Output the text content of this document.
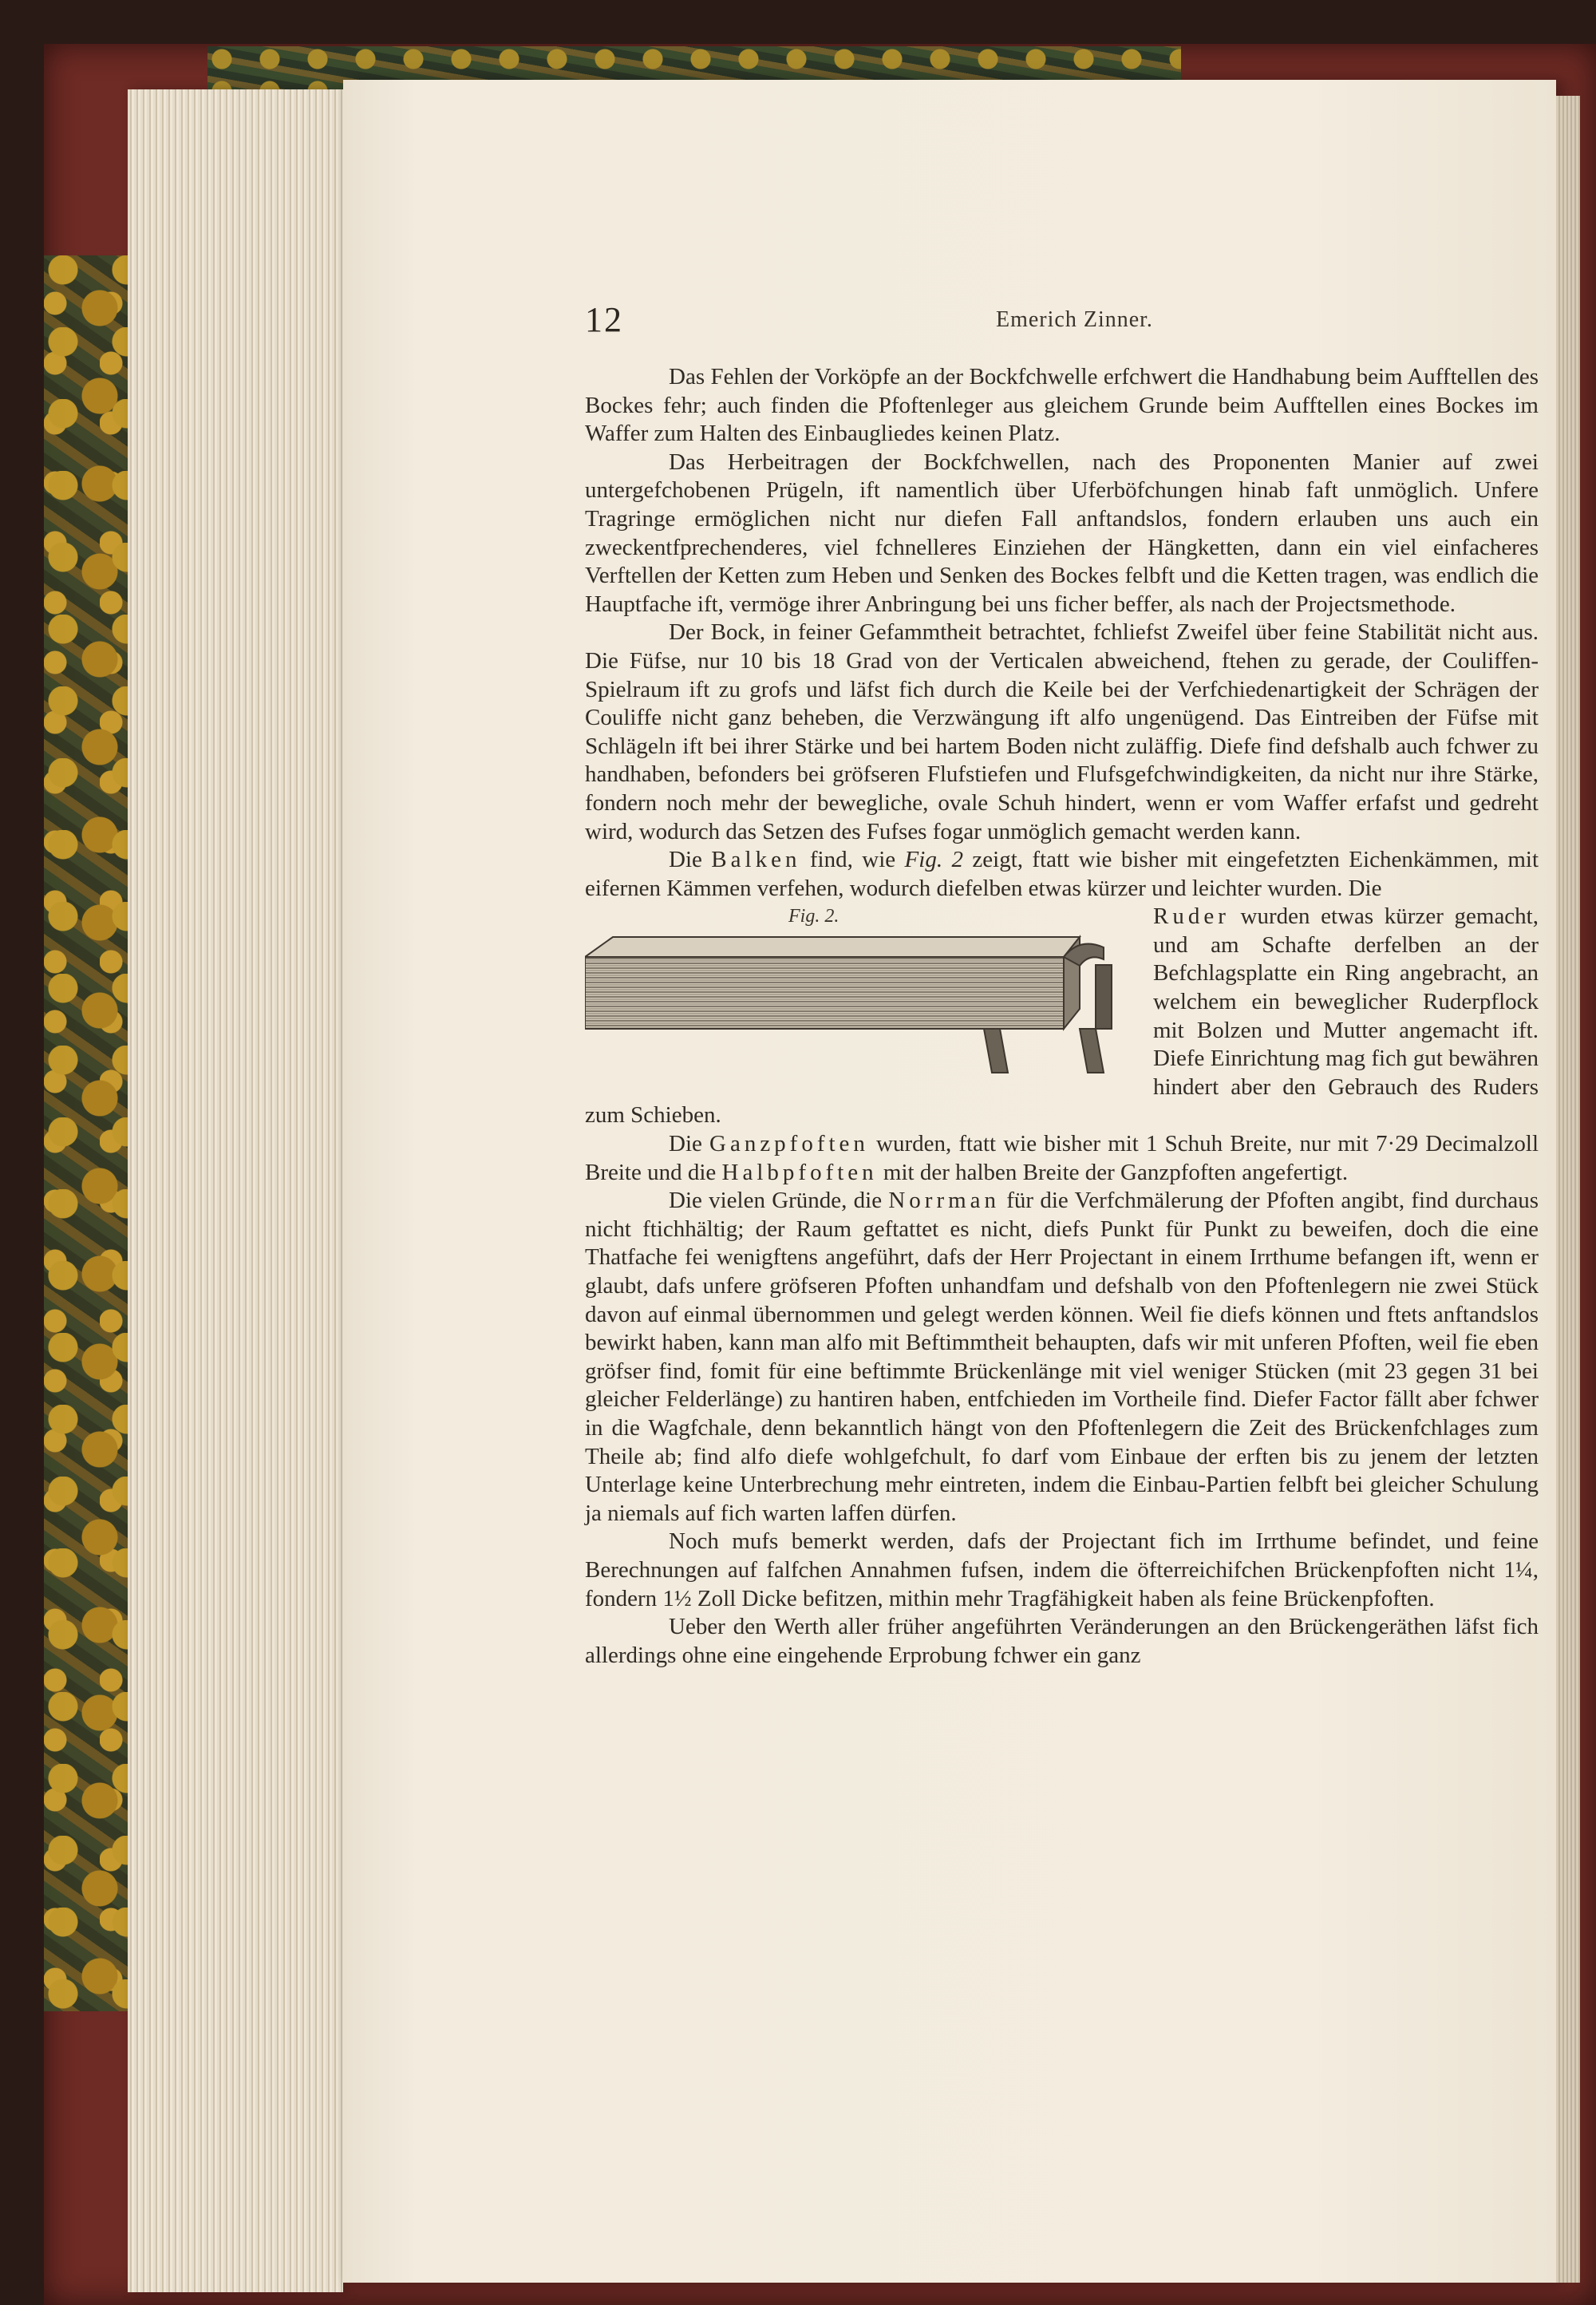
12	Emerich Zinner.

Das Fehlen der Vorköpfe an der Bockfchwelle erfchwert die Handhabung beim Aufftellen des Bockes fehr; auch finden die Pfoftenleger aus gleichem Grunde beim Aufftellen eines Bockes im Waffer zum Halten des Einbaugliedes keinen Platz.

Das Herbeitragen der Bockfchwellen, nach des Proponenten Manier auf zwei untergefchobenen Prügeln, ift namentlich über Uferböfchungen hinab faft unmöglich. Unfere Tragringe ermöglichen nicht nur diefen Fall anftandslos, fondern erlauben uns auch ein zweckentfprechenderes, viel fchnelleres Einziehen der Hängketten, dann ein viel einfacheres Verftellen der Ketten zum Heben und Senken des Bockes felbft und die Ketten tragen, was endlich die Hauptfache ift, vermöge ihrer Anbringung bei uns ficher beffer, als nach der Projectsmethode.

Der Bock, in feiner Gefammtheit betrachtet, fchliefst Zweifel über feine Stabilität nicht aus. Die Füfse, nur 10 bis 18 Grad von der Verticalen abweichend, ftehen zu gerade, der Couliffen-Spielraum ift zu grofs und läfst fich durch die Keile bei der Verfchiedenartigkeit der Schrägen der Couliffe nicht ganz beheben, die Verzwängung ift alfo ungenügend. Das Eintreiben der Füfse mit Schlägeln ift bei ihrer Stärke und bei hartem Boden nicht zuläffig. Diefe find defshalb auch fchwer zu handhaben, befonders bei gröfseren Flufstiefen und Flufsgefchwindigkeiten, da nicht nur ihre Stärke, fondern noch mehr der bewegliche, ovale Schuh hindert, wenn er vom Waffer erfafst und gedreht wird, wodurch das Setzen des Fufses fogar unmöglich gemacht werden kann.

Die Balken find, wie Fig. 2 zeigt, ftatt wie bisher mit eingefetzten Eichenkämmen, mit eifernen Kämmen verfehen, wodurch diefelben etwas kürzer und leichter wurden. Die

Fig. 2.	Ruder wurden etwas kürzer gemacht, und am Schafte derfelben an der Befchlagsplatte ein Ring angebracht, an welchem ein beweglicher Ruderpflock mit Bolzen und Mutter angemacht ift. Diefe Einrichtung mag fich gut bewähren hindert aber den Gebrauch des Ruders zum Schieben.

Die Ganzpfoften wurden, ftatt wie bisher mit 1 Schuh Breite, nur mit 7·29 Decimalzoll Breite und die Halbpfoften mit der halben Breite der Ganzpfoften angefertigt.

Die vielen Gründe, die Norrman für die Verfchmälerung der Pfoften angibt, find durchaus nicht ftichhältig; der Raum geftattet es nicht, diefs Punkt für Punkt zu beweifen, doch die eine Thatfache fei wenigftens angeführt, dafs der Herr Projectant in einem Irrthume befangen ift, wenn er glaubt, dafs unfere gröfseren Pfoften unhandfam und defshalb von den Pfoftenlegern nie zwei Stück davon auf einmal übernommen und gelegt werden können. Weil fie diefs können und ftets anftandslos bewirkt haben, kann man alfo mit Beftimmtheit behaupten, dafs wir mit unferen Pfoften, weil fie eben gröfser find, fomit für eine beftimmte Brückenlänge mit viel weniger Stücken (mit 23 gegen 31 bei gleicher Felderlänge) zu hantiren haben, entfchieden im Vortheile find. Diefer Factor fällt aber fchwer in die Wagfchale, denn bekanntlich hängt von den Pfoftenlegern die Zeit des Brückenfchlages zum Theile ab; find alfo diefe wohlgefchult, fo darf vom Einbaue der erften bis zu jenem der letzten Unterlage keine Unterbrechung mehr eintreten, indem die Einbau-Partien felbft bei gleicher Schulung ja niemals auf fich warten laffen dürfen.

Noch mufs bemerkt werden, dafs der Projectant fich im Irrthume befindet, und feine Berechnungen auf falfchen Annahmen fufsen, indem die öfterreichifchen Brückenpfoften nicht 1¼, fondern 1½ Zoll Dicke befitzen, mithin mehr Tragfähigkeit haben als feine Brückenpfoften.

Ueber den Werth aller früher angeführten Veränderungen an den Brückengeräthen läfst fich allerdings ohne eine eingehende Erprobung fchwer ein ganz
